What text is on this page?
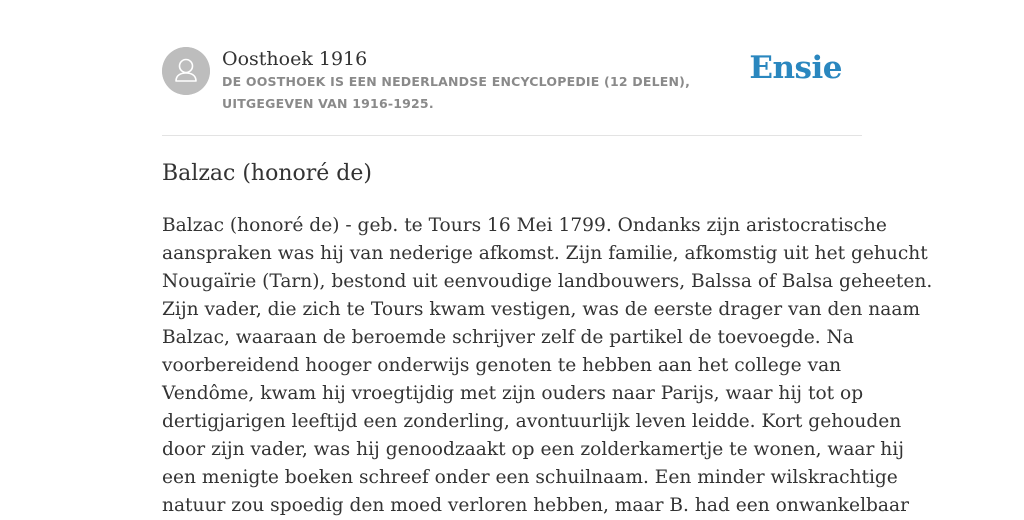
Oosthoek 1916
DE OOSTHOEK IS EEN NEDERLANDSE ENCYCLOPEDIE (12 DELEN), UITGEGEVEN VAN 1916-1925.
Ensie
Balzac (honoré de)
Balzac (honoré de) - geb. te Tours 16 Mei 1799. Ondanks zijn aristocratische
aanspraken was hij van nederige afkomst. Zijn familie, afkomstig uit het gehucht
Nougaïrie (Tarn), bestond uit eenvoudige landbouwers, Balssa of Balsa geheeten.
Zijn vader, die zich te Tours kwam vestigen, was de eerste drager van den naam
Balzac, waaraan de beroemde schrijver zelf de partikel de toevoegde. Na
voorbereidend hooger onderwijs genoten te hebben aan het college van
Vendôme, kwam hij vroegtijdig met zijn ouders naar Parijs, waar hij tot op
dertigjarigen leeftijd een zonderling, avontuurlijk leven leidde. Kort gehouden
door zijn vader, was hij genoodzaakt op een zolderkamertje te wonen, waar hij
een menigte boeken schreef onder een schuilnaam. Een minder wilskrachtige
natuur zou spoedig den moed verloren hebben, maar B. had een onwankelbaar
